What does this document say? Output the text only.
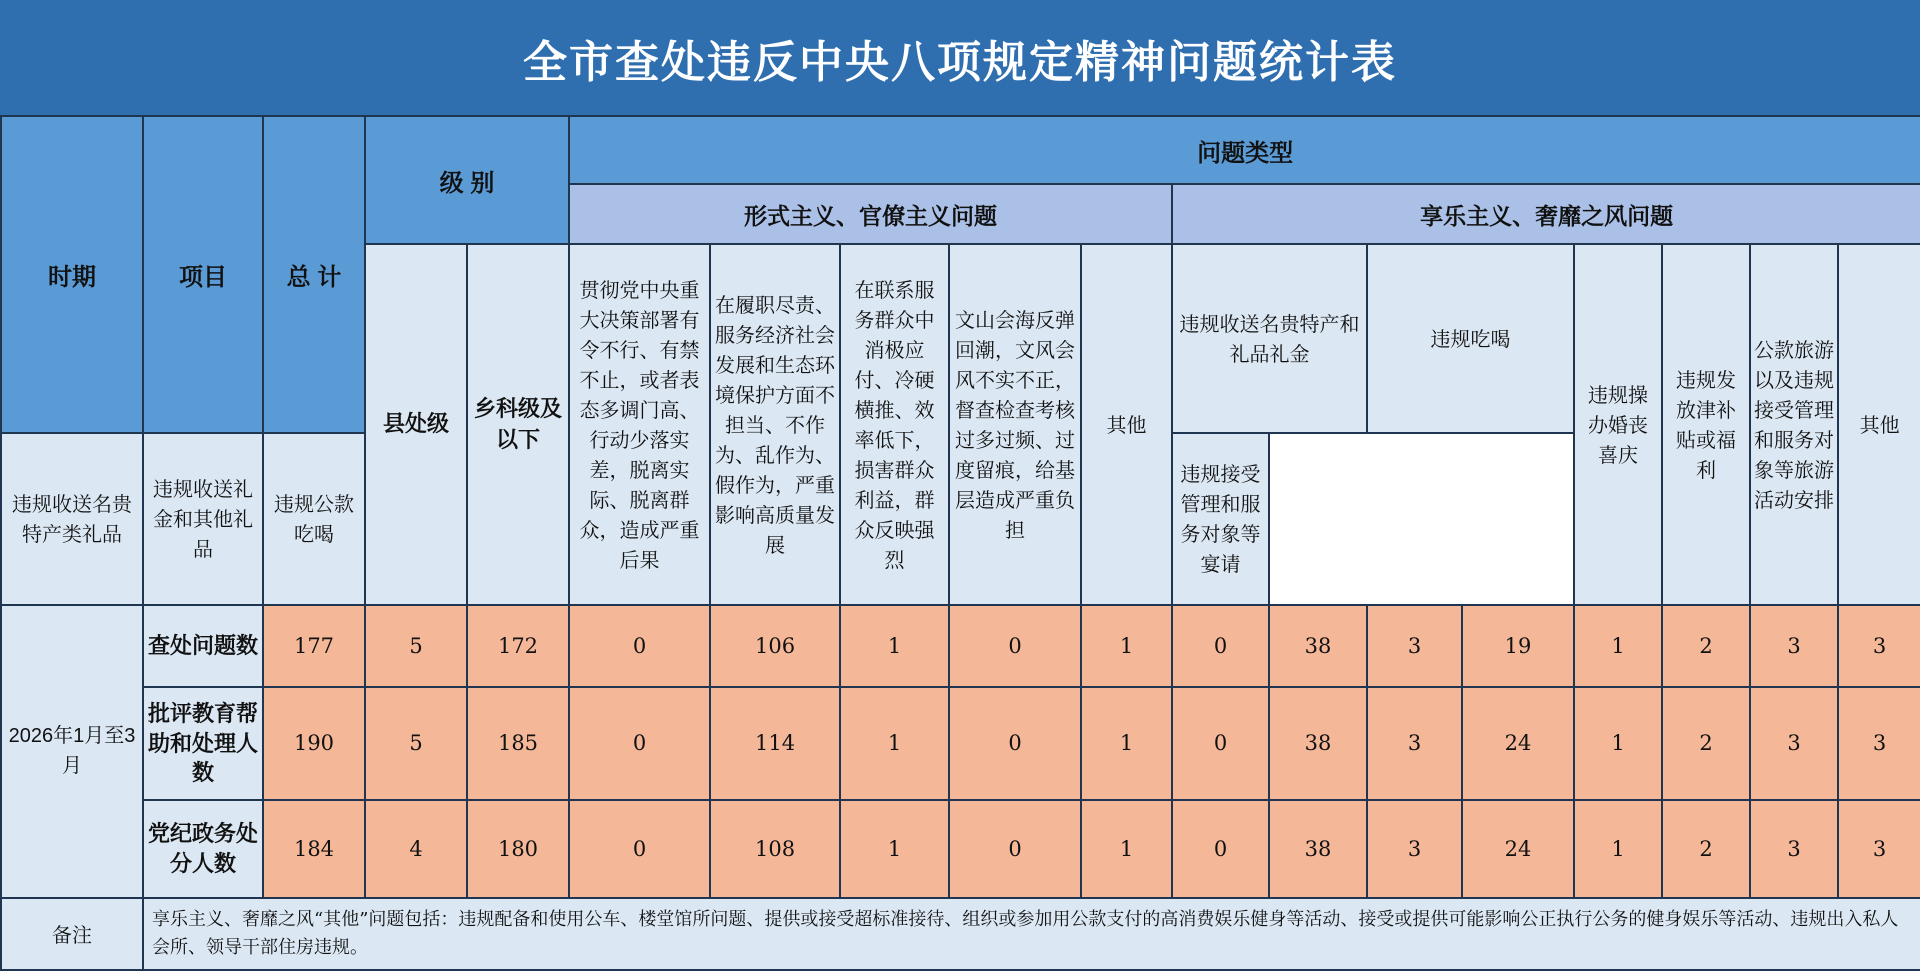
全市查处违反中央八项规定精神问题统计表
时期	项目	总 计	级 别		问题类型												
					形式主义、官僚主义问题					享乐主义、奢靡之风问题							
			县处级	乡科级及以下	贯彻党中央重大决策部署有令不行、有禁不止，或者表态多调门高、行动少落实差，脱离实际、脱离群众，造成严重后果	在履职尽责、服务经济社会发展和生态环境保护方面不担当、不作为、乱作为、假作为，严重影响高质量发展	在联系服务群众中消极应付、冷硬横推、效率低下，损害群众利益，群众反映强烈	文山会海反弹回潮，文风会风不实不正，督查检查考核过多过频、过度留痕，给基层造成严重负担	其他	违规收送名贵特产和礼品礼金		违规吃喝		违规操办婚丧喜庆	违规发放津补贴或福利	公款旅游以及违规接受管理和服务对象等旅游活动安排	其他
违规收送名贵特产类礼品	违规收送礼金和其他礼品	违规公款吃喝								违规接受管理和服务对象等宴请							
2026年1月至3月	查处问题数	177	5	172	0	106	1	0	1	0	38	3	19	1	2	3	3
	批评教育帮助和处理人数	190	5	185	0	114	1	0	1	0	38	3	24	1	2	3	3
	党纪政务处分人数	184	4	180	0	108	1	0	1	0	38	3	24	1	2	3	3
备注	享乐主义、奢靡之风“其他”问题包括：违规配备和使用公车、楼堂馆所问题、提供或接受超标准接待、组织或参加用公款支付的高消费娱乐健身等活动、接受或提供可能影响公正执行公务的健身娱乐等活动、违规出入私人会所、领导干部住房违规。																
